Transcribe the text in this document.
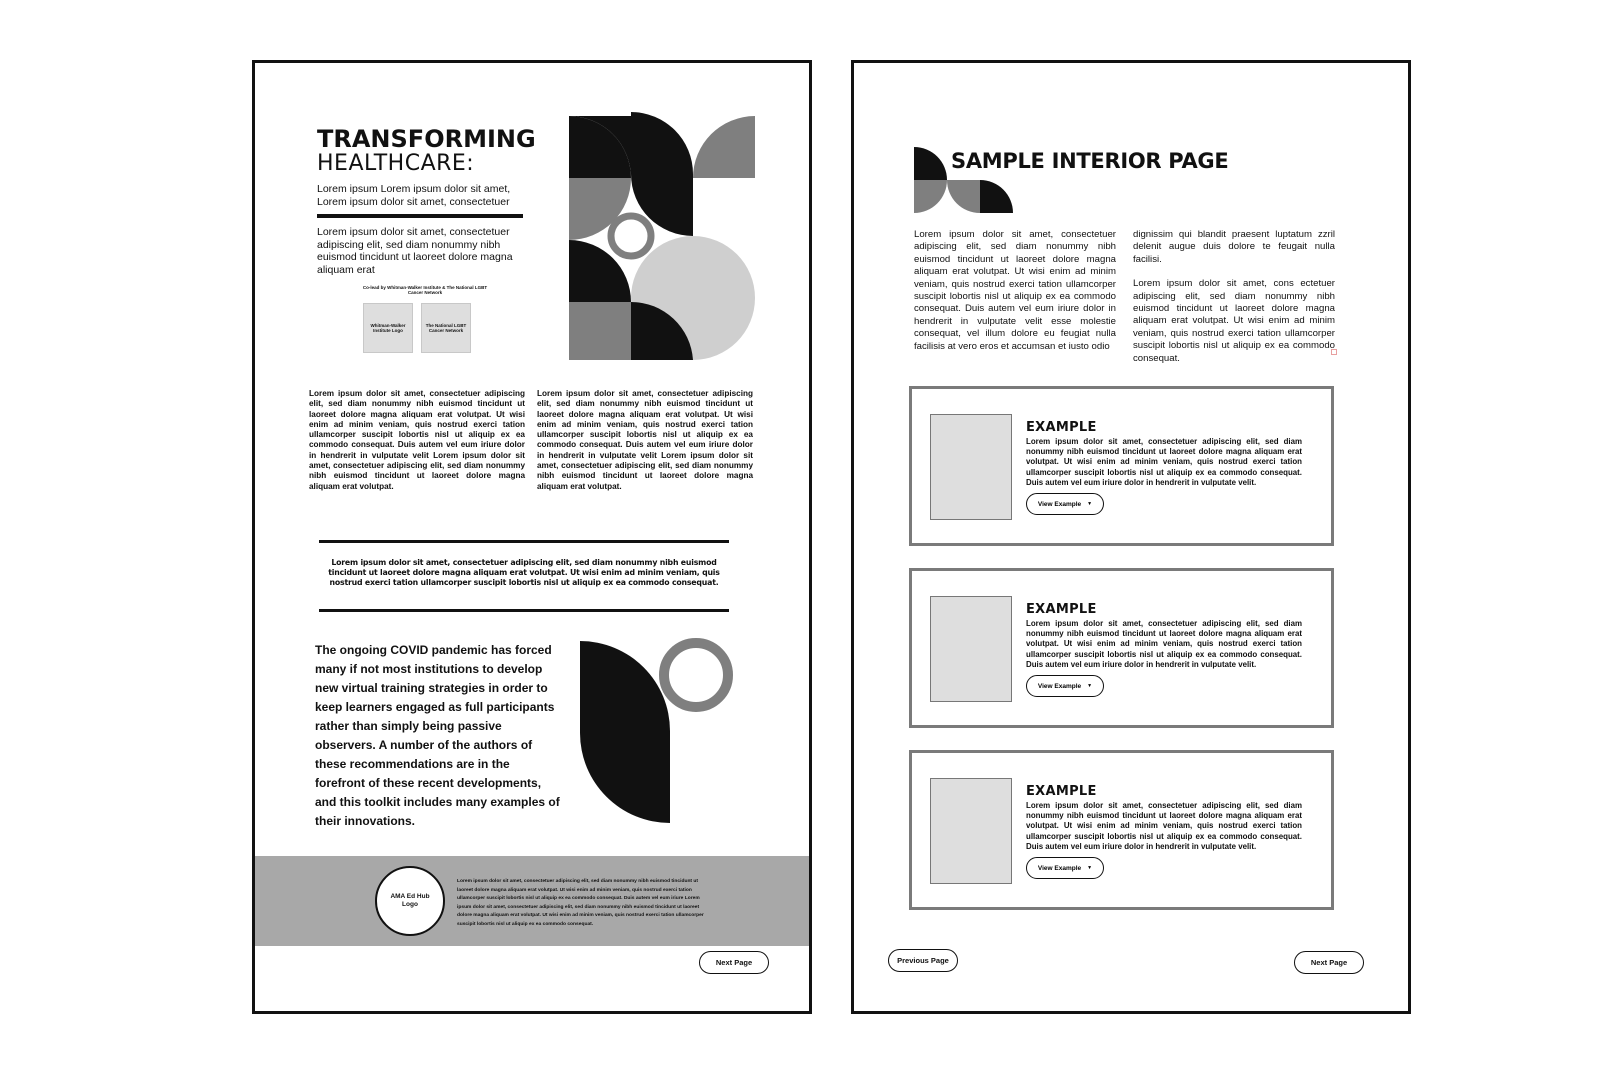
TRANSFORMING
HEALTHCARE:
Lorem ipsum Lorem ipsum dolor sit amet, Lorem ipsum dolor sit amet, consectetuer
Lorem ipsum dolor sit amet, consectetuer adipiscing elit, sed diam nonummy nibh euismod tincidunt ut laoreet dolore magna aliquam erat
Co-lead by Whitman-Walker Institute & The National LGBT Cancer Network
Whitman-Walker Institute Logo
The National LGBT Cancer Network
Lorem ipsum dolor sit amet, consectetuer adipiscing elit, sed diam nonummy nibh euismod tincidunt ut laoreet dolore magna aliquam erat volutpat. Ut wisi enim ad minim veniam, quis nostrud exerci tation ullamcorper suscipit lobortis nisl ut aliquip ex ea commodo consequat. Duis autem vel eum iriure dolor in hendrerit in vulputate velit Lorem ipsum dolor sit amet, consectetuer adipiscing elit, sed diam nonummy nibh euismod tincidunt ut laoreet dolore magna aliquam erat volutpat.
Lorem ipsum dolor sit amet, consectetuer adipiscing elit, sed diam nonummy nibh euismod tincidunt ut laoreet dolore magna aliquam erat volutpat. Ut wisi enim ad minim veniam, quis nostrud exerci tation ullamcorper suscipit lobortis nisl ut aliquip ex ea commodo consequat. Duis autem vel eum iriure dolor in hendrerit in vulputate velit Lorem ipsum dolor sit amet, consectetuer adipiscing elit, sed diam nonummy nibh euismod tincidunt ut laoreet dolore magna aliquam erat volutpat.
Lorem ipsum dolor sit amet, consectetuer adipiscing elit, sed diam nonummy nibh euismod tincidunt ut laoreet dolore magna aliquam erat volutpat. Ut wisi enim ad minim veniam, quis nostrud exerci tation ullamcorper suscipit lobortis nisl ut aliquip ex ea commodo consequat.
The ongoing COVID pandemic has forced many if not most institutions to develop new virtual training strategies in order to keep learners engaged as full participants rather than simply being passive observers. A number of the authors of these recommendations are in the forefront of these recent developments, and this toolkit includes many examples of their innovations.
AMA Ed Hub Logo
Lorem ipsum dolor sit amet, consectetuer adipiscing elit, sed diam nonummy nibh euismod tincidunt ut laoreet dolore magna aliquam erat volutpat. Ut wisi enim ad minim veniam, quis nostrud exerci tation ullamcorper suscipit lobortis nisl ut aliquip ex ea commodo consequat. Duis autem vel eum iriure Lorem ipsum dolor sit amet, consectetuer adipiscing elit, sed diam nonummy nibh euismod tincidunt ut laoreet dolore magna aliquam erat volutpat. Ut wisi enim ad minim veniam, quis nostrud exerci tation ullamcorper suscipit lobortis nisl ut aliquip ex ea commodo consequat.
Next Page
SAMPLE INTERIOR PAGE
Lorem ipsum dolor sit amet, consectetuer adipiscing elit, sed diam nonummy nibh euismod tincidunt ut laoreet dolore magna aliquam erat volutpat. Ut wisi enim ad minim veniam, quis nostrud exerci tation ullamcorper suscipit lobortis nisl ut aliquip ex ea commodo consequat. Duis autem vel eum iriure dolor in hendrerit in vulputate velit esse molestie consequat, vel illum dolore eu feugiat nulla facilisis at vero eros et accumsan et iusto odio

dignissim qui blandit praesent luptatum zzril delenit augue duis dolore te feugait nulla facilisi.

Lorem ipsum dolor sit amet, cons ectetuer adipiscing elit, sed diam nonummy nibh euismod tincidunt ut laoreet dolore magna aliquam erat volutpat. Ut wisi enim ad minim veniam, quis nostrud exerci tation ullamcorper suscipit lobortis nisl ut aliquip ex ea commodo consequat.

EXAMPLE
Lorem ipsum dolor sit amet, consectetuer adipiscing elit, sed diam nonummy nibh euismod tincidunt ut laoreet dolore magna aliquam erat volutpat. Ut wisi enim ad minim veniam, quis nostrud exerci tation ullamcorper suscipit lobortis nisl ut aliquip ex ea commodo consequat. Duis autem vel eum iriure dolor in hendrerit in vulputate velit.
View Example ▼
EXAMPLE
Lorem ipsum dolor sit amet, consectetuer adipiscing elit, sed diam nonummy nibh euismod tincidunt ut laoreet dolore magna aliquam erat volutpat. Ut wisi enim ad minim veniam, quis nostrud exerci tation ullamcorper suscipit lobortis nisl ut aliquip ex ea commodo consequat. Duis autem vel eum iriure dolor in hendrerit in vulputate velit.
View Example ▼
EXAMPLE
Lorem ipsum dolor sit amet, consectetuer adipiscing elit, sed diam nonummy nibh euismod tincidunt ut laoreet dolore magna aliquam erat volutpat. Ut wisi enim ad minim veniam, quis nostrud exerci tation ullamcorper suscipit lobortis nisl ut aliquip ex ea commodo consequat. Duis autem vel eum iriure dolor in hendrerit in vulputate velit.
View Example ▼
Previous Page	Next Page
